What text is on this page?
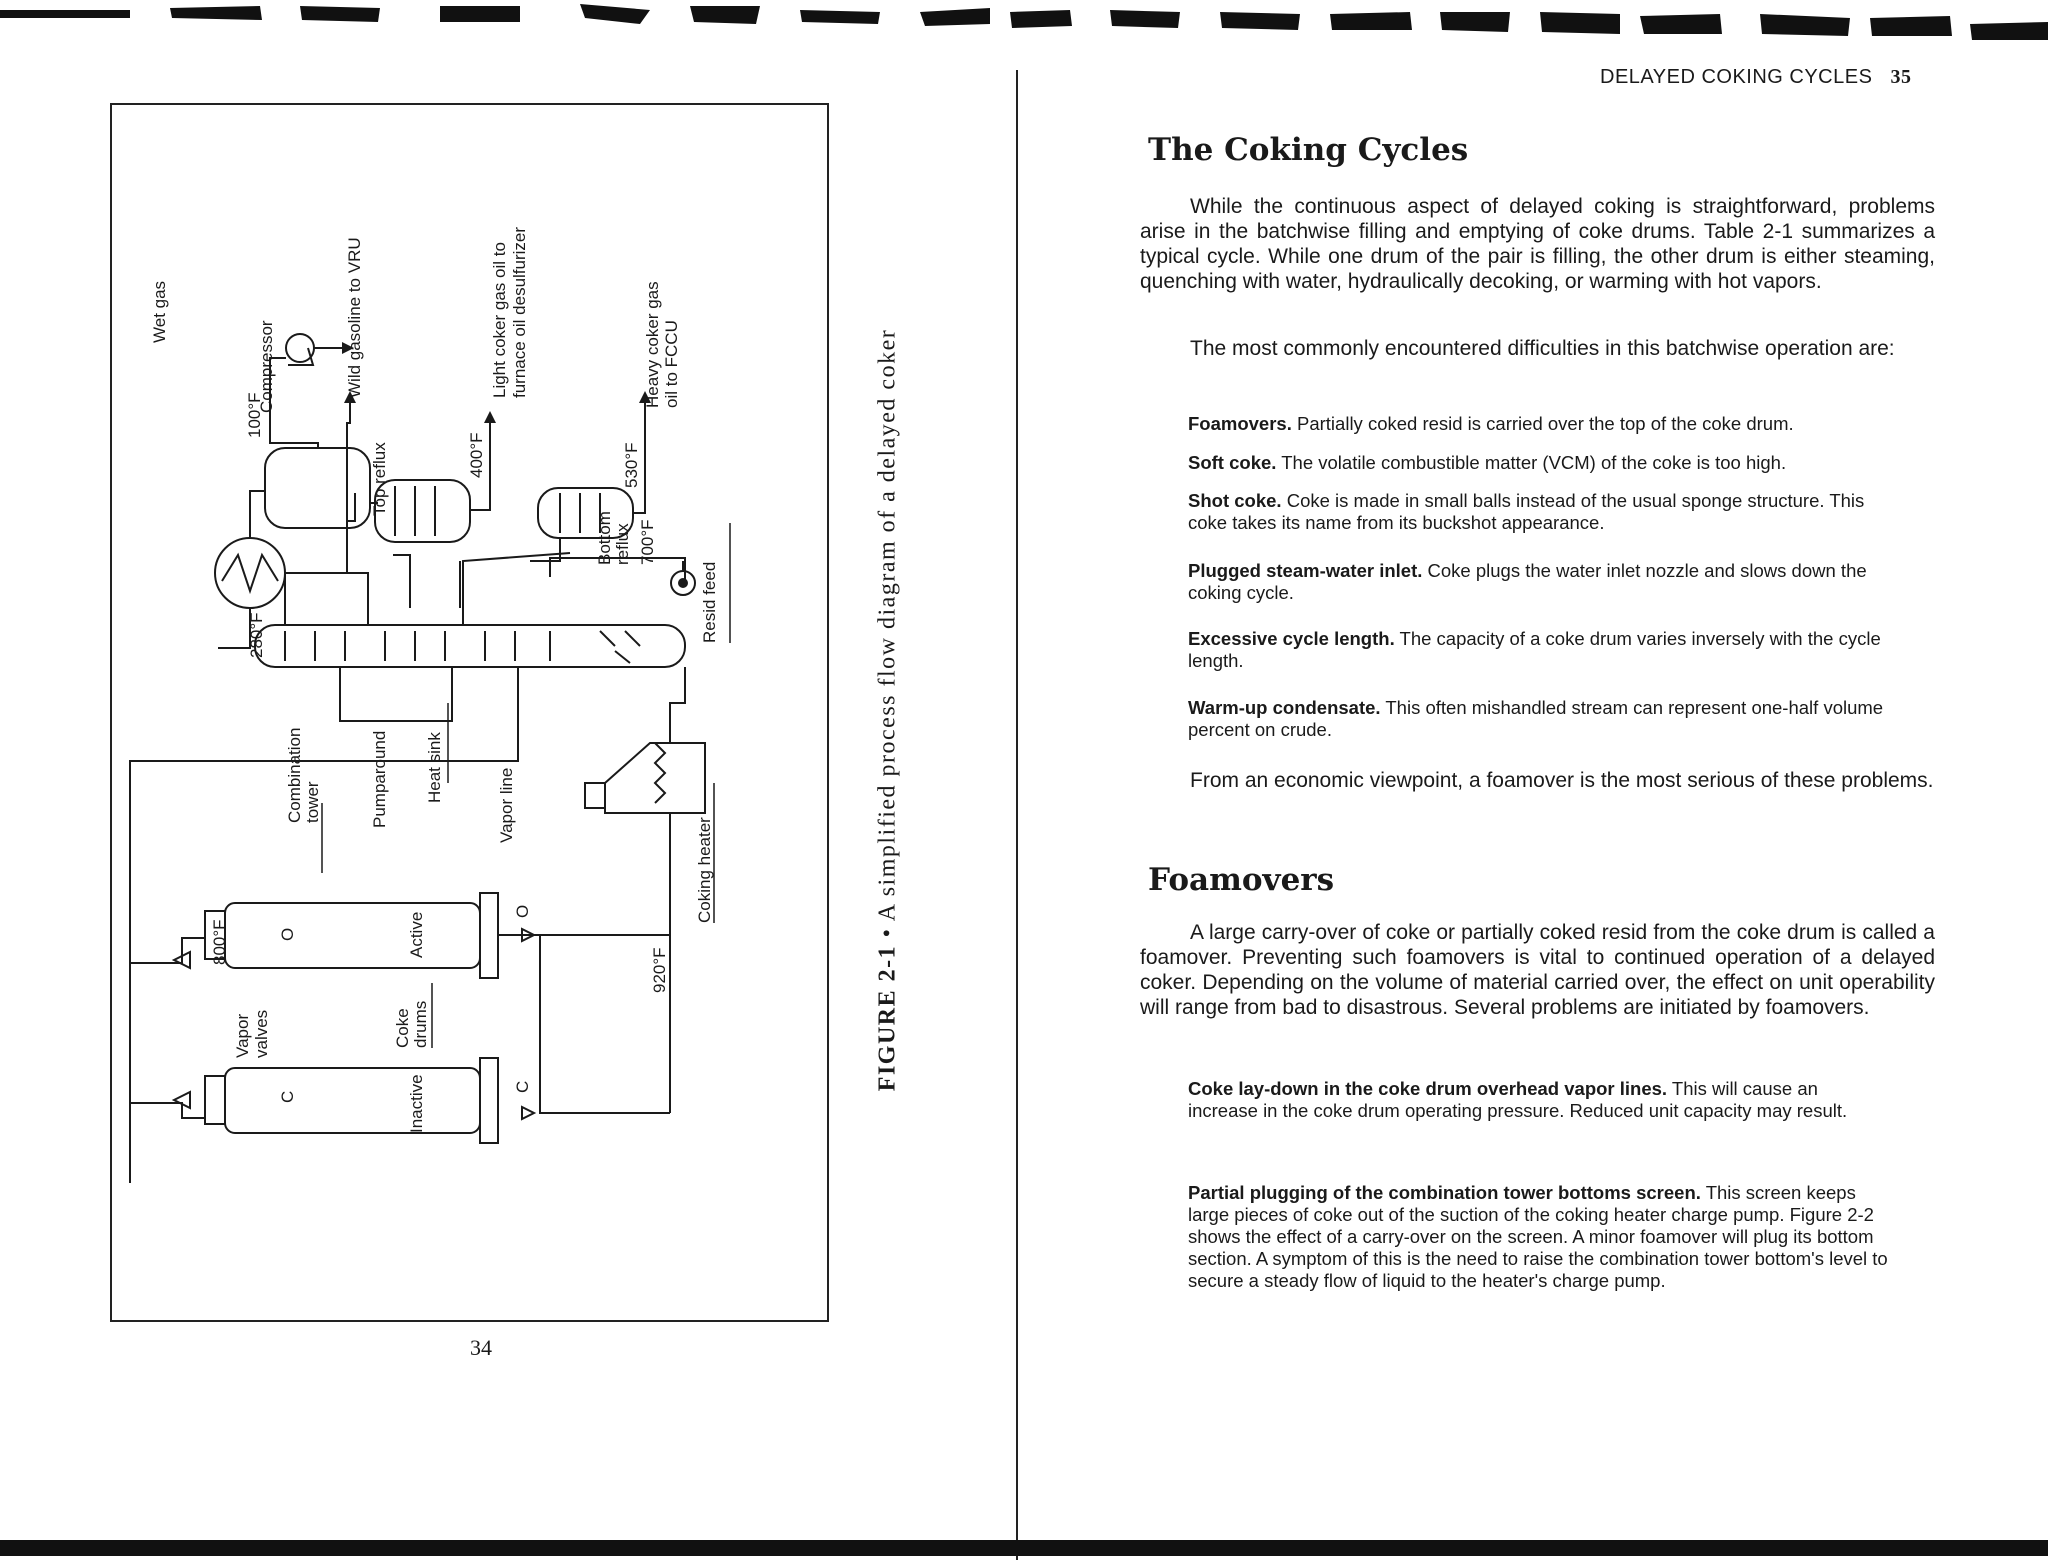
Wet gas
Compressor
100°F
Wild gasoline to VRU
Top reflux
Light coker gas oil to furnace oil desulfurizer
400°F
Heavy coker gas oil to FCCU
530°F
Bottom reflux 700°F
Resid feed
280°F
Combination tower	Pumparound Heat sink
Vapor line
Coking heater
800°F
920°F
Vapor valves	Coke drums
Active
Inactive
O
C
O
C	FIGURE 2-1 • A simplified process flow diagram of a delayed coker
34
DELAYED COKING CYCLES 35
The Coking Cycles

While the continuous aspect of delayed coking is straightforward, problems arise in the batchwise filling and emptying of coke drums. Table 2-1 summarizes a typical cycle. While one drum of the pair is filling, the other drum is either steaming, quenching with water, hydraulically decoking, or warming with hot vapors.

The most commonly encountered difficulties in this batchwise operation are:

Foamovers. Partially coked resid is carried over the top of the coke drum.

Soft coke. The volatile combustible matter (VCM) of the coke is too high.

Shot coke. Coke is made in small balls instead of the usual sponge structure. This coke takes its name from its buckshot appearance.

Plugged steam-water inlet. Coke plugs the water inlet nozzle and slows down the coking cycle.

Excessive cycle length. The capacity of a coke drum varies inversely with the cycle length.

Warm-up condensate. This often mishandled stream can represent one-half volume percent on crude.

From an economic viewpoint, a foamover is the most serious of these problems.

Foamovers

A large carry-over of coke or partially coked resid from the coke drum is called a foamover. Preventing such foamovers is vital to continued operation of a delayed coker. Depending on the volume of material carried over, the effect on unit operability will range from bad to disastrous. Several problems are initiated by foamovers.

Coke lay-down in the coke drum overhead vapor lines. This will cause an increase in the coke drum operating pressure. Reduced unit capacity may result.

Partial plugging of the combination tower bottoms screen. This screen keeps large pieces of coke out of the suction of the coking heater charge pump. Figure 2-2 shows the effect of a carry-over on the screen. A minor foamover will plug its bottom section. A symptom of this is the need to raise the combination tower bottom's level to secure a steady flow of liquid to the heater's charge pump.
